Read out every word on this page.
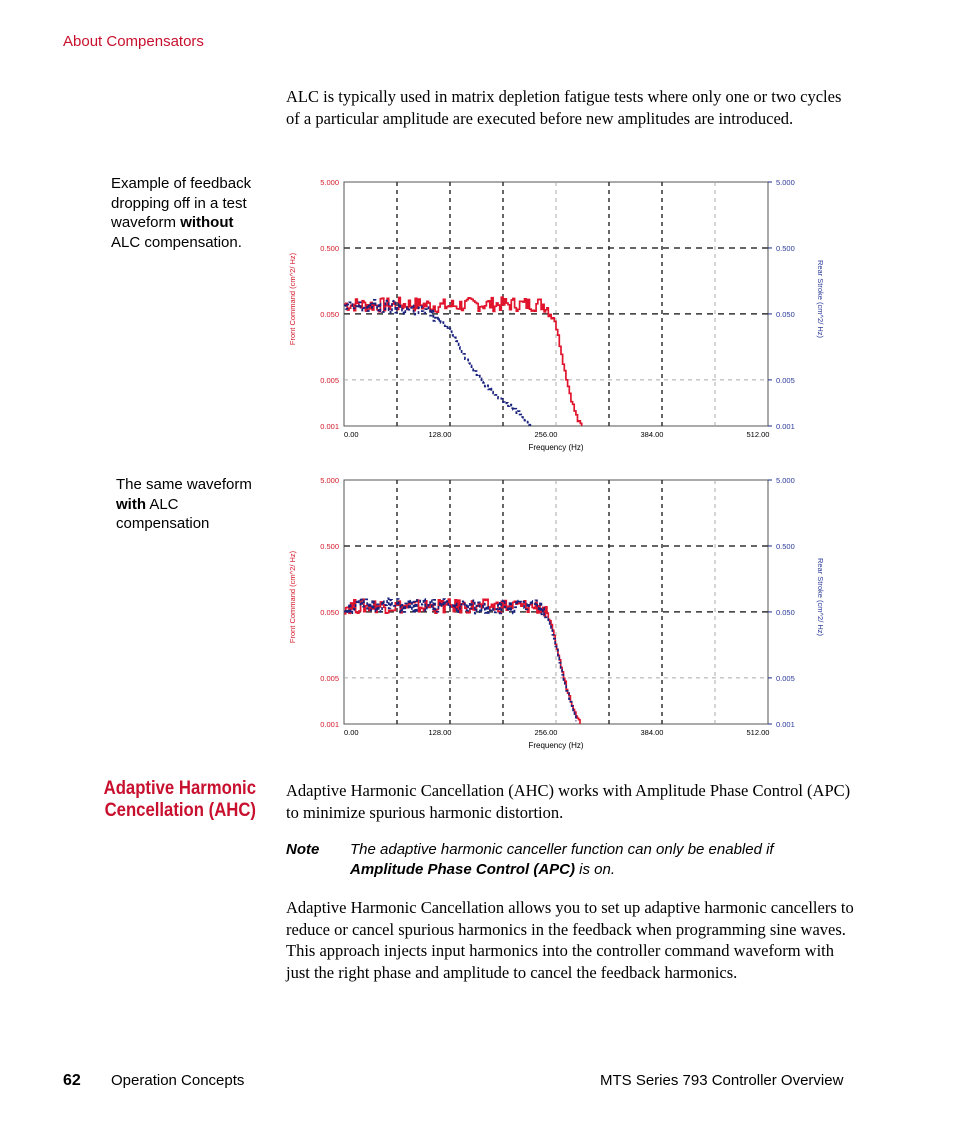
About Compensators

ALC is typically used in matrix depletion fatigue tests where only one or two cycles of a particular amplitude are executed before new amplitudes are introduced.

Example of feedback dropping off in a test waveform without ALC compensation.
0.001	0.001
0.005	0.005
0.050	0.050
0.500	0.500
5.000	5.000
0.00	128.00	256.00	384.00	512.00
Frequency (Hz)
Front Command (cm^2/ Hz)	Rear Stroke (cm^2/ Hz)
The same waveform with ALC compensation
0.001	0.001
0.005	0.005
0.050	0.050
0.500	0.500
5.000	5.000
0.00	128.00	256.00	384.00	512.00
Frequency (Hz)
Front Command (cm^2/ Hz)	Rear Stroke (cm^2/ Hz)
Adaptive Harmonic Cencellation (AHC)

Adaptive Harmonic Cancellation (AHC) works with Amplitude Phase Control (APC) to minimize spurious harmonic distortion.

Note The adaptive harmonic canceller function can only be enabled if Amplitude Phase Control (APC) is on.

Adaptive Harmonic Cancellation allows you to set up adaptive harmonic cancellers to reduce or cancel spurious harmonics in the feedback when programming sine waves. This approach injects input harmonics into the controller command waveform with just the right phase and amplitude to cancel the feedback harmonics.

62 Operation Concepts	MTS Series 793 Controller Overview
